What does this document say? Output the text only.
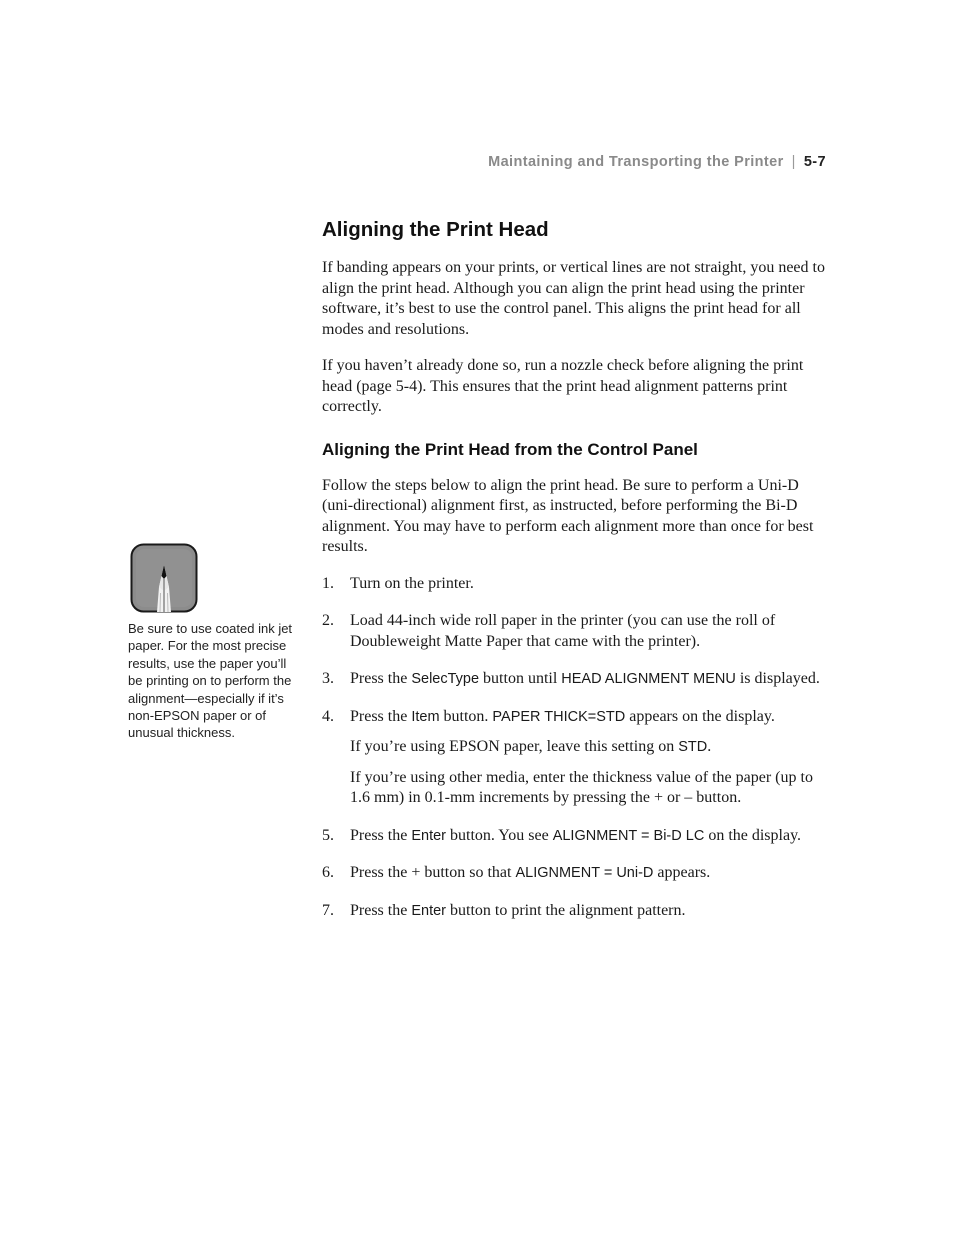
Maintaining and Transporting the Printer | 5-7
Aligning the Print Head

If banding appears on your prints, or vertical lines are not straight, you need to align the print head. Although you can align the print head using the printer software, it’s best to use the control panel. This aligns the print head for all modes and resolutions.

If you haven’t already done so, run a nozzle check before aligning the print head (page 5-4). This ensures that the print head alignment patterns print correctly.

Aligning the Print Head from the Control Panel

Follow the steps below to align the print head. Be sure to perform a Uni-D (uni-directional) alignment first, as instructed, before performing the Bi-D alignment. You may have to perform each alignment more than once for best results.

1. Turn on the printer.
2. Load 44-inch wide roll paper in the printer (you can use the roll of Doubleweight Matte Paper that came with the printer).
3. Press the SelecType button until HEAD ALIGNMENT MENU is displayed.
4. Press the Item button. PAPER THICK=STD appears on the display.

If you’re using EPSON paper, leave this setting on STD.

If you’re using other media, enter the thickness value of the paper (up to 1.6 mm) in 0.1-mm increments by pressing the + or – button.

5. Press the Enter button. You see ALIGNMENT = Bi-D LC on the display.
6. Press the + button so that ALIGNMENT = Uni-D appears.
7. Press the Enter button to print the alignment pattern.
Be sure to use coated ink jet paper. For the most precise results, use the paper you’ll be printing on to perform the alignment—especially if it’s non-EPSON paper or of unusual thickness.
